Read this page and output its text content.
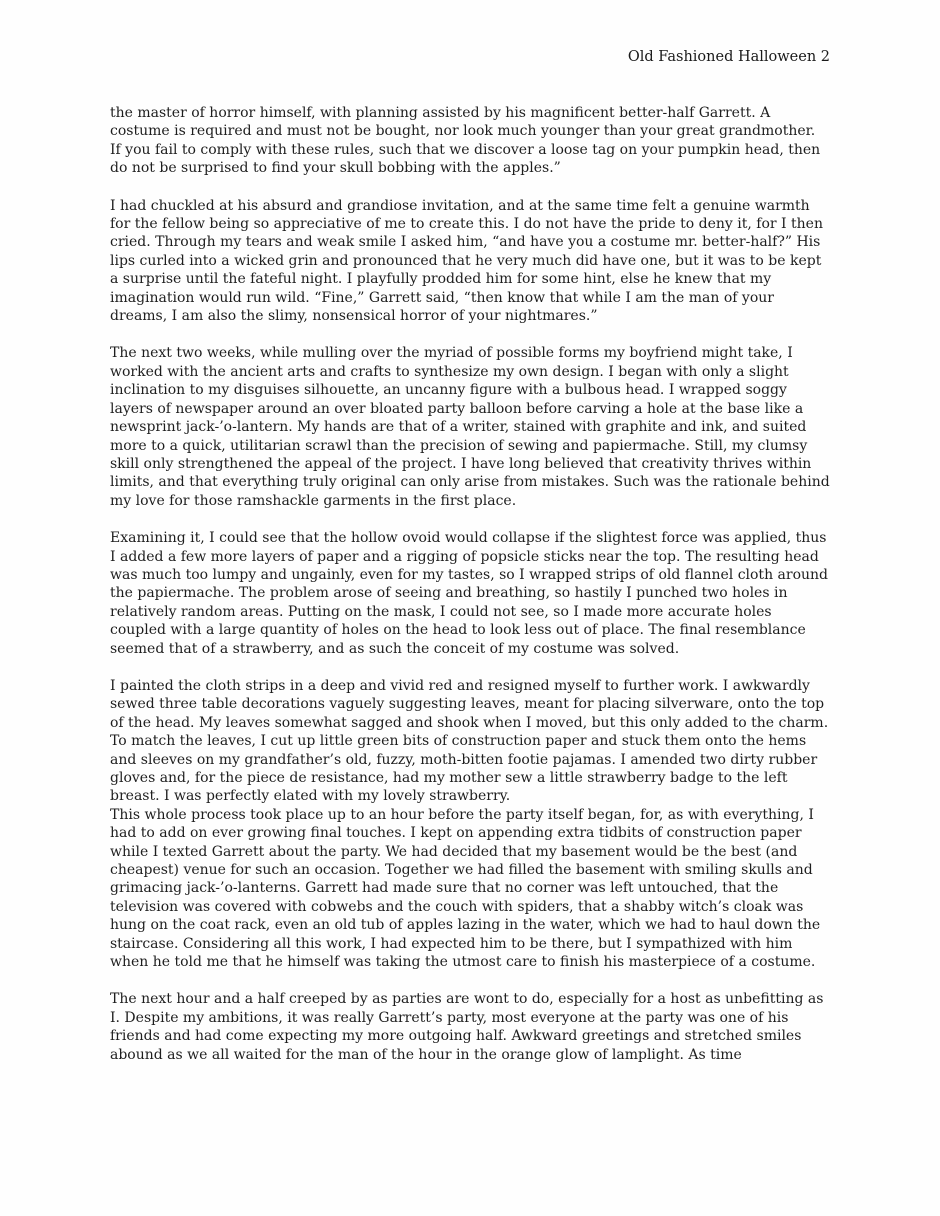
Old Fashioned Halloween 2

the master of horror himself, with planning assisted by his magnificent better-half Garrett. A costume is required and must not be bought, nor look much younger than your great grandmother. If you fail to comply with these rules, such that we discover a loose tag on your pumpkin head, then do not be surprised to find your skull bobbing with the apples.”

I had chuckled at his absurd and grandiose invitation, and at the same time felt a genuine warmth for the fellow being so appreciative of me to create this. I do not have the pride to deny it, for I then cried. Through my tears and weak smile I asked him, “and have you a costume mr. better-half?” His lips curled into a wicked grin and pronounced that he very much did have one, but it was to be kept a surprise until the fateful night. I playfully prodded him for some hint, else he knew that my imagination would run wild. “Fine,” Garrett said, “then know that while I am the man of your dreams, I am also the slimy, nonsensical horror of your nightmares.”

The next two weeks, while mulling over the myriad of possible forms my boyfriend might take, I worked with the ancient arts and crafts to synthesize my own design. I began with only a slight inclination to my disguises silhouette, an uncanny figure with a bulbous head. I wrapped soggy layers of newspaper around an over bloated party balloon before carving a hole at the base like a newsprint jack-’o-lantern. My hands are that of a writer, stained with graphite and ink, and suited more to a quick, utilitarian scrawl than the precision of sewing and papiermache. Still, my clumsy skill only strengthened the appeal of the project. I have long believed that creativity thrives within limits, and that everything truly original can only arise from mistakes. Such was the rationale behind my love for those ramshackle garments in the first place.

Examining it, I could see that the hollow ovoid would collapse if the slightest force was applied, thus I added a few more layers of paper and a rigging of popsicle sticks near the top. The resulting head was much too lumpy and ungainly, even for my tastes, so I wrapped strips of old flannel cloth around the papiermache. The problem arose of seeing and breathing, so hastily I punched two holes in relatively random areas. Putting on the mask, I could not see, so I made more accurate holes coupled with a large quantity of holes on the head to look less out of place. The final resemblance seemed that of a strawberry, and as such the conceit of my costume was solved.

I painted the cloth strips in a deep and vivid red and resigned myself to further work. I awkwardly sewed three table decorations vaguely suggesting leaves, meant for placing silverware, onto the top of the head. My leaves somewhat sagged and shook when I moved, but this only added to the charm. To match the leaves, I cut up little green bits of construction paper and stuck them onto the hems and sleeves on my grandfather’s old, fuzzy, moth-bitten footie pajamas. I amended two dirty rubber gloves and, for the piece de resistance, had my mother sew a little strawberry badge to the left breast. I was perfectly elated with my lovely strawberry.

This whole process took place up to an hour before the party itself began, for, as with everything, I had to add on ever growing final touches. I kept on appending extra tidbits of construction paper while I texted Garrett about the party. We had decided that my basement would be the best (and cheapest) venue for such an occasion. Together we had filled the basement with smiling skulls and grimacing jack-’o-lanterns. Garrett had made sure that no corner was left untouched, that the television was covered with cobwebs and the couch with spiders, that a shabby witch’s cloak was hung on the coat rack, even an old tub of apples lazing in the water, which we had to haul down the staircase. Considering all this work, I had expected him to be there, but I sympathized with him when he told me that he himself was taking the utmost care to finish his masterpiece of a costume.

The next hour and a half creeped by as parties are wont to do, especially for a host as unbefitting as I. Despite my ambitions, it was really Garrett’s party, most everyone at the party was one of his friends and had come expecting my more outgoing half. Awkward greetings and stretched smiles abound as we all waited for the man of the hour in the orange glow of lamplight. As time
